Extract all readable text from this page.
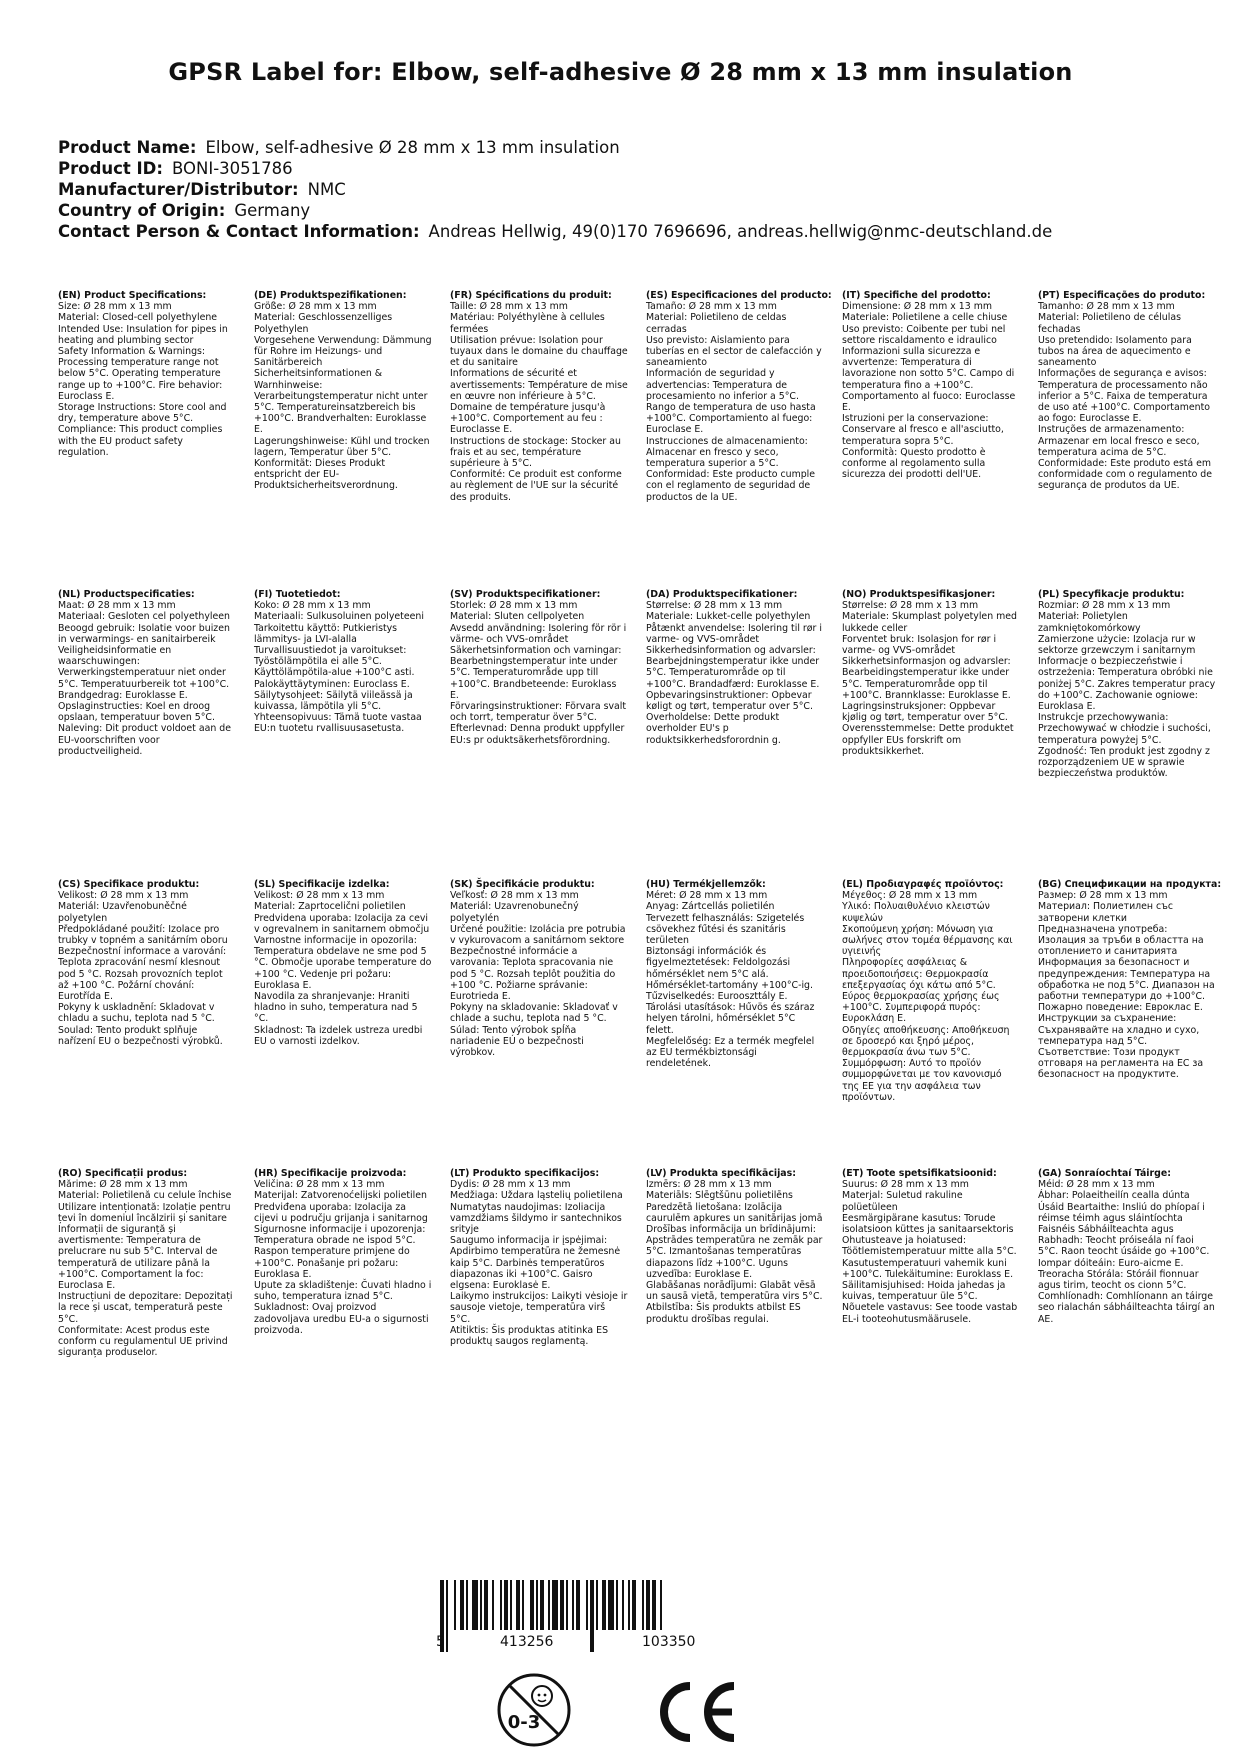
GPSR Label for: Elbow, self-adhesive Ø 28 mm x 13 mm insulation
Product Name: Elbow, self-adhesive Ø 28 mm x 13 mm insulation
Product ID: BONI-3051786
Manufacturer/Distributor: NMC
Country of Origin: Germany
Contact Person & Contact Information: Andreas Hellwig, 49(0)170 7696696, andreas.hellwig@nmc-deutschland.de
(EN) Product Specifications:
Size: Ø 28 mm x 13 mm
Material: Closed-cell polyethylene
Intended Use: Insulation for pipes in heating and plumbing sector
Safety Information & Warnings: Processing temperature range not below 5°C. Operating temperature range up to +100°C. Fire behavior: Euroclass E.
Storage Instructions: Store cool and dry, temperature above 5°C.
Compliance: This product complies with the EU product safety regulation.
(DE) Produktspezifikationen:
Größe: Ø 28 mm x 13 mm
Material: Geschlossenzelliges Polyethylen
Vorgesehene Verwendung: Dämmung für Rohre im Heizungs- und Sanitärbereich
Sicherheitsinformationen & Warnhinweise: Verarbeitungstemperatur nicht unter 5°C. Temperatureinsatzbereich bis +100°C. Brandverhalten: Euroklasse E.
Lagerungshinweise: Kühl und trocken lagern, Temperatur über 5°C.
Konformität: Dieses Produkt entspricht der EU-Produktsicherheitsverordnung.
(FR) Spécifications du produit:
Taille: Ø 28 mm x 13 mm
Matériau: Polyéthylène à cellules fermées
Utilisation prévue: Isolation pour tuyaux dans le domaine du chauffage et du sanitaire
Informations de sécurité et avertissements: Température de mise en œuvre non inférieure à 5°C. Domaine de température jusqu'à +100°C. Comportement au feu : Euroclasse E.
Instructions de stockage: Stocker au frais et au sec, température supérieure à 5°C.
Conformité: Ce produit est conforme au règlement de l'UE sur la sécurité des produits.
(ES) Especificaciones del producto:
Tamaño: Ø 28 mm x 13 mm
Material: Polietileno de celdas cerradas
Uso previsto: Aislamiento para tuberías en el sector de calefacción y saneamiento
Información de seguridad y advertencias: Temperatura de procesamiento no inferior a 5°C. Rango de temperatura de uso hasta +100°C. Comportamiento al fuego: Euroclase E.
Instrucciones de almacenamiento: Almacenar en fresco y seco, temperatura superior a 5°C.
Conformidad: Este producto cumple con el reglamento de seguridad de productos de la UE.
(IT) Specifiche del prodotto:
Dimensione: Ø 28 mm x 13 mm
Materiale: Polietilene a celle chiuse
Uso previsto: Coibente per tubi nel settore riscaldamento e idraulico
Informazioni sulla sicurezza e avvertenze: Temperatura di lavorazione non sotto 5°C. Campo di temperatura fino a +100°C. Comportamento al fuoco: Euroclasse E.
Istruzioni per la conservazione: Conservare al fresco e all'asciutto, temperatura sopra 5°C.
Conformità: Questo prodotto è conforme al regolamento sulla sicurezza dei prodotti dell'UE.
(PT) Especificações do produto:
Tamanho: Ø 28 mm x 13 mm
Material: Polietileno de células fechadas
Uso pretendido: Isolamento para tubos na área de aquecimento e saneamento
Informações de segurança e avisos: Temperatura de processamento não inferior a 5°C. Faixa de temperatura de uso até +100°C. Comportamento ao fogo: Euroclasse E.
Instruções de armazenamento: Armazenar em local fresco e seco, temperatura acima de 5°C.
Conformidade: Este produto está em conformidade com o regulamento de segurança de produtos da UE.
(NL) Productspecificaties:
Maat: Ø 28 mm x 13 mm
Materiaal: Gesloten cel polyethyleen
Beoogd gebruik: Isolatie voor buizen in verwarmings- en sanitairbereik
Veiligheidsinformatie en waarschuwingen: Verwerkingstemperatuur niet onder 5°C. Temperatuurbereik tot +100°C. Brandgedrag: Euroklasse E.
Opslaginstructies: Koel en droog opslaan, temperatuur boven 5°C.
Naleving: Dit product voldoet aan de EU-voorschriften voor productveiligheid.
(FI) Tuotetiedot:
Koko: Ø 28 mm x 13 mm
Materiaali: Sulkusoluinen polyeteeni
Tarkoitettu käyttö: Putkieristys lämmitys- ja LVI-alalla
Turvallisuustiedot ja varoitukset: Työstölämpötila ei alle 5°C. Käyttölämpötila-alue +100°C asti. Palokäyttäytyminen: Euroclass E.
Säilytysohjeet: Säilytä viileässä ja kuivassa, lämpötila yli 5°C.
Yhteensopivuus: Tämä tuote vastaa EU:n tuotetu rvallisuusasetusta.
(SV) Produktspecifikationer:
Storlek: Ø 28 mm x 13 mm
Material: Sluten cellpolyeten
Avsedd användning: Isolering för rör i värme- och VVS-området
Säkerhetsinformation och varningar: Bearbetningstemperatur inte under 5°C. Temperaturområde upp till +100°C. Brandbeteende: Euroklass E.
Förvaringsinstruktioner: Förvara svalt och torrt, temperatur över 5°C.
Efterlevnad: Denna produkt uppfyller EU:s pr oduktsäkerhetsförordning.
(DA) Produktspecifikationer:
Størrelse: Ø 28 mm x 13 mm
Materiale: Lukket-celle polyethylen
Påtænkt anvendelse: Isolering til rør i varme- og VVS-området
Sikkerhedsinformation og advarsler: Bearbejdningstemperatur ikke under 5°C. Temperaturområde op til +100°C. Brandadfærd: Euroklasse E.
Opbevaringsinstruktioner: Opbevar køligt og tørt, temperatur over 5°C.
Overholdelse: Dette produkt overholder EU's p roduktsikkerhedsforordnin g.
(NO) Produktspesifikasjoner:
Størrelse: Ø 28 mm x 13 mm
Materiale: Skumplast polyetylen med lukkede celler
Forventet bruk: Isolasjon for rør i varme- og VVS-området
Sikkerhetsinformasjon og advarsler: Bearbeidingstemperatur ikke under 5°C. Temperaturområde opp til +100°C. Brannklasse: Euroklasse E.
Lagringsinstruksjoner: Oppbevar kjølig og tørt, temperatur over 5°C.
Overensstemmelse: Dette produktet oppfyller EUs forskrift om produktsikkerhet.
(PL) Specyfikacje produktu:
Rozmiar: Ø 28 mm x 13 mm
Materiał: Polietylen zamkniętokomórkowy
Zamierzone użycie: Izolacja rur w sektorze grzewczym i sanitarnym
Informacje o bezpieczeństwie i ostrzeżenia: Temperatura obróbki nie poniżej 5°C. Zakres temperatur pracy do +100°C. Zachowanie ogniowe: Euroklasa E.
Instrukcje przechowywania: Przechowywać w chłodzie i suchości, temperatura powyżej 5°C.
Zgodność: Ten produkt jest zgodny z rozporządzeniem UE w sprawie bezpieczeństwa produktów.
(CS) Specifikace produktu:
Velikost: Ø 28 mm x 13 mm
Materiál: Uzavřenobuněčné polyetylen
Předpokládané použití: Izolace pro trubky v topném a sanitárním oboru
Bezpečnostní informace a varování: Teplota zpracování nesmí klesnout pod 5 °C. Rozsah provozních teplot až +100 °C. Požární chování: Eurotřída E.
Pokyny k uskladnění: Skladovat v chladu a suchu, teplota nad 5 °C.
Soulad: Tento produkt splňuje nařízení EU o bezpečnosti výrobků.
(SL) Specifikacije izdelka:
Velikost: Ø 28 mm x 13 mm
Material: Zaprtocelični polietilen
Predvidena uporaba: Izolacija za cevi v ogrevalnem in sanitarnem območju
Varnostne informacije in opozorila: Temperatura obdelave ne sme pod 5 °C. Območje uporabe temperature do +100 °C. Vedenje pri požaru: Euroklasa E.
Navodila za shranjevanje: Hraniti hladno in suho, temperatura nad 5 °C.
Skladnost: Ta izdelek ustreza uredbi EU o varnosti izdelkov.
(SK) Špecifikácie produktu:
Veľkosť: Ø 28 mm x 13 mm
Materiál: Uzavrenobunečný polyetylén
Určené použitie: Izolácia pre potrubia v vykurovacom a sanitárnom sektore
Bezpečnostné informácie a varovania: Teplota spracovania nie pod 5 °C. Rozsah teplôt použitia do +100 °C. Požiarne správanie: Eurotrieda E.
Pokyny na skladovanie: Skladovať v chlade a suchu, teplota nad 5 °C.
Súlad: Tento výrobok spĺňa nariadenie EÚ o bezpečnosti výrobkov.
(HU) Termékjellemzők:
Méret: Ø 28 mm x 13 mm
Anyag: Zártcellás polietilén
Tervezett felhasználás: Szigetelés csövekhez fűtési és szanitáris területen
Biztonsági információk és figyelmeztetések: Feldolgozási hőmérséklet nem 5°C alá. Hőmérséklet-tartomány +100°C-ig. Tűzviselkedés: Eurooszttály E.
Tárolási utasítások: Hűvös és száraz helyen tárolni, hőmérséklet 5°C felett.
Megfelelőség: Ez a termék megfelel az EU termékbiztonsági rendeletének.
(EL) Προδιαγραφές προϊόντος:
Μέγεθος: Ø 28 mm x 13 mm
Υλικό: Πολυαιθυλένιο κλειστών κυψελών
Σκοπούμενη χρήση: Μόνωση για σωλήνες στον τομέα θέρμανσης και υγιεινής
Πληροφορίες ασφάλειας & προειδοποιήσεις: Θερμοκρασία επεξεργασίας όχι κάτω από 5°C. Εύρος θερμοκρασίας χρήσης έως +100°C. Συμπεριφορά πυρός: Ευροκλάση E.
Οδηγίες αποθήκευσης: Αποθήκευση σε δροσερό και ξηρό μέρος, θερμοκρασία άνω των 5°C.
Συμμόρφωση: Αυτό το προϊόν συμμορφώνεται με τον κανονισμό της ΕΕ για την ασφάλεια των προϊόντων.
(BG) Спецификации на продукта:
Размер: Ø 28 mm x 13 mm
Материал: Полиетилен със затворени клетки
Предназначена употреба: Изолация за тръби в областта на отоплението и санитарията
Информация за безопасност и предупреждения: Температура на обработка не под 5°C. Диапазон на работни температури до +100°C. Пожарно поведение: Евроклас E.
Инструкции за съхранение: Съхранявайте на хладно и сухо, температура над 5°C.
Съответствие: Този продукт отговаря на регламента на ЕС за безопасност на продуктите.
(RO) Specificații produs:
Mărime: Ø 28 mm x 13 mm
Material: Polietilenă cu celule închise
Utilizare intenționată: Izolație pentru țevi în domeniul încălzirii și sanitare
Informații de siguranță și avertismente: Temperatura de prelucrare nu sub 5°C. Interval de temperatură de utilizare până la +100°C. Comportament la foc: Euroclasa E.
Instrucțiuni de depozitare: Depozitați la rece și uscat, temperatură peste 5°C.
Conformitate: Acest produs este conform cu regulamentul UE privind siguranța produselor.
(HR) Specifikacije proizvoda:
Veličina: Ø 28 mm x 13 mm
Materijal: Zatvorenoćelijski polietilen
Predviđena uporaba: Izolacija za cijevi u području grijanja i sanitarnog
Sigurnosne informacije i upozorenja: Temperatura obrade ne ispod 5°C. Raspon temperature primjene do +100°C. Ponašanje pri požaru: Euroklasa E.
Upute za skladištenje: Čuvati hladno i suho, temperatura iznad 5°C.
Sukladnost: Ovaj proizvod zadovoljava uredbu EU-a o sigurnosti proizvoda.
(LT) Produkto specifikacijos:
Dydis: Ø 28 mm x 13 mm
Medžiaga: Uždara ląstelių polietilena
Numatytas naudojimas: Izoliacija vamzdžiams šildymo ir santechnikos srityje
Saugumo informacija ir įspėjimai: Apdirbimo temperatūra ne žemesnė kaip 5°C. Darbinės temperatūros diapazonas iki +100°C. Gaisro elgsena: Euroklasė E.
Laikymo instrukcijos: Laikyti vėsioje ir sausoje vietoje, temperatūra virš 5°C.
Atitiktis: Šis produktas atitinka ES produktų saugos reglamentą.
(LV) Produkta specifikācijas:
Izmērs: Ø 28 mm x 13 mm
Materiāls: Slēgtšūnu polietilēns
Paredzētā lietošana: Izolācija caurulēm apkures un sanitārijas jomā
Drošības informācija un brīdinājumi: Apstrādes temperatūra ne zemāk par 5°C. Izmantošanas temperatūras diapazons līdz +100°C. Uguns uzvedība: Euroklase E.
Glabāšanas norādījumi: Glabāt vēsā un sausā vietā, temperatūra virs 5°C.
Atbilstība: Šis produkts atbilst ES produktu drošības regulai.
(ET) Toote spetsifikatsioonid:
Suurus: Ø 28 mm x 13 mm
Materjal: Suletud rakuline polüetüleen
Eesmärgipärane kasutus: Torude isolatsioon küttes ja sanitaarsektoris
Ohutusteave ja hoiatused: Töötlemistemperatuur mitte alla 5°C. Kasutustemperatuuri vahemik kuni +100°C. Tulekäitumine: Euroklass E.
Säilitamisjuhised: Hoida jahedas ja kuivas, temperatuur üle 5°C.
Nõuetele vastavus: See toode vastab EL-i tooteohutusmäärusele.
(GA) Sonraíochtaí Táirge:
Méid: Ø 28 mm x 13 mm
Ábhar: Polaeitheilín cealla dúnta
Úsáid Beartaithe: Insliú do phíopaí i réimse téimh agus sláintíochta
Faisnéis Sábháilteachta agus Rabhadh: Teocht próiseála ní faoi 5°C. Raon teocht úsáide go +100°C. Iompar dóiteáin: Euro-aicme E.
Treoracha Stórála: Stóráil fionnuar agus tirim, teocht os cionn 5°C.
Comhlíonadh: Comhlíonann an táirge seo rialachán sábháilteachta táirgí an AE.
5	413256	103350
0-3
